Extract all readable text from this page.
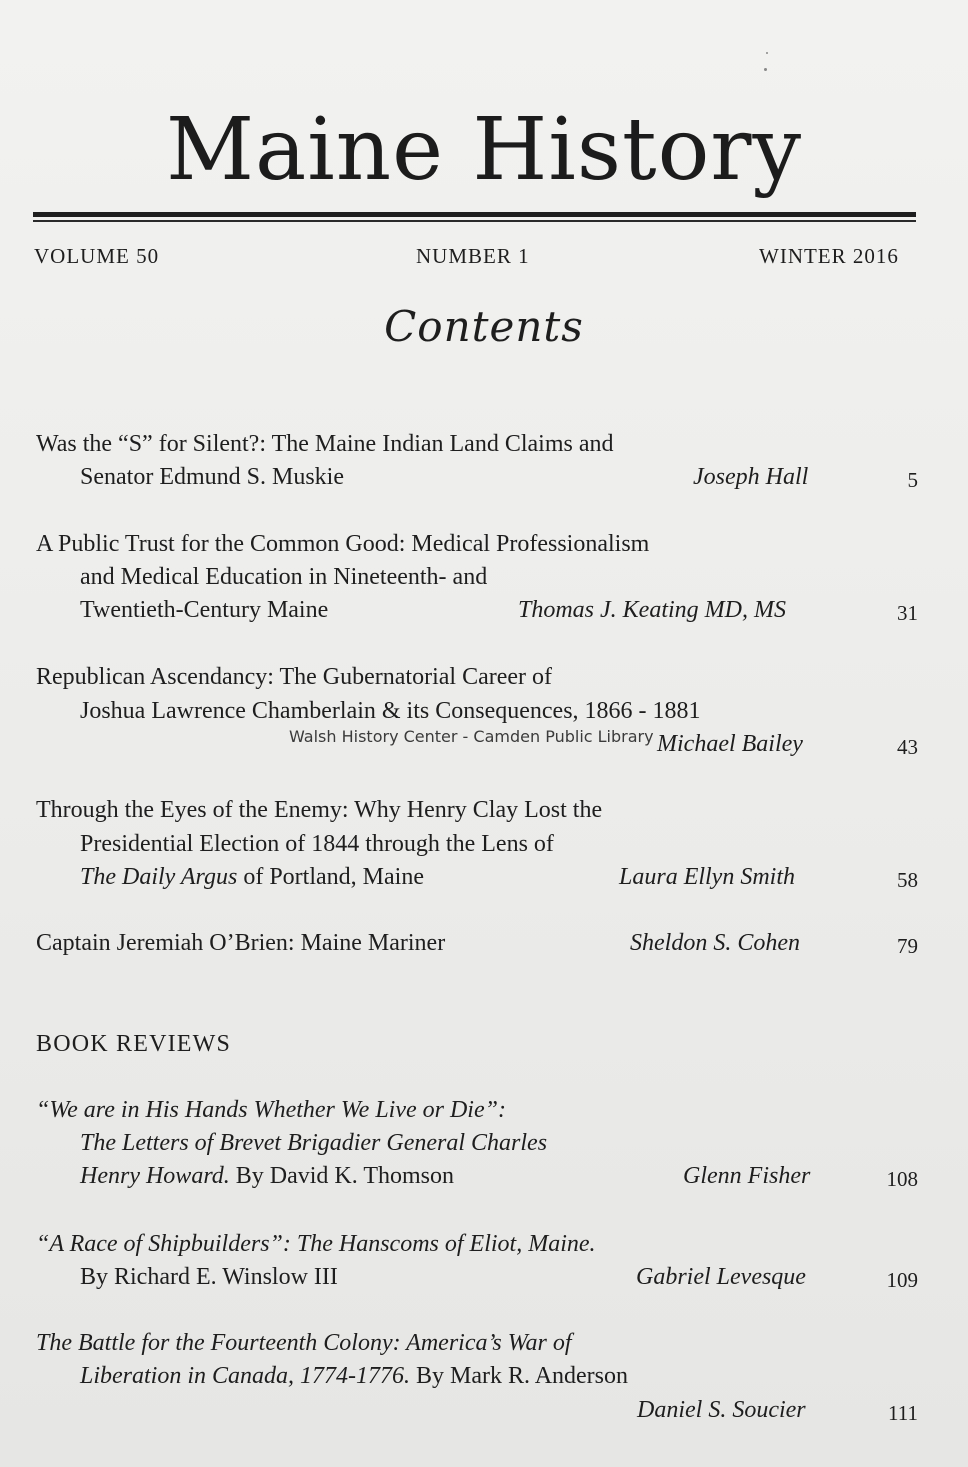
Maine History
VOLUME 50	NUMBER 1	WINTER 2016
Contents
Was the “S” for Silent?: The Maine Indian Land Claims and
Senator Edmund S. Muskie	Joseph Hall	5
A Public Trust for the Common Good: Medical Professionalism
and Medical Education in Nineteenth- and
Twentieth-Century Maine	Thomas J. Keating MD, MS	31
Republican Ascendancy: The Gubernatorial Career of
Joshua Lawrence Chamberlain & its Consequences, 1866 - 1881
Michael Bailey	43
Walsh History Center - Camden Public Library
Through the Eyes of the Enemy: Why Henry Clay Lost the
Presidential Election of 1844 through the Lens of
The Daily Argus of Portland, Maine	Laura Ellyn Smith	58
Captain Jeremiah O’Brien: Maine Mariner	Sheldon S. Cohen	79
BOOK REVIEWS
“We are in His Hands Whether We Live or Die”:
The Letters of Brevet Brigadier General Charles
Henry Howard. By David K. Thomson	Glenn Fisher	108
“A Race of Shipbuilders”: The Hanscoms of Eliot, Maine.
By Richard E. Winslow III	Gabriel Levesque	109
The Battle for the Fourteenth Colony: America’s War of
Liberation in Canada, 1774-1776. By Mark R. Anderson
Daniel S. Soucier	111
